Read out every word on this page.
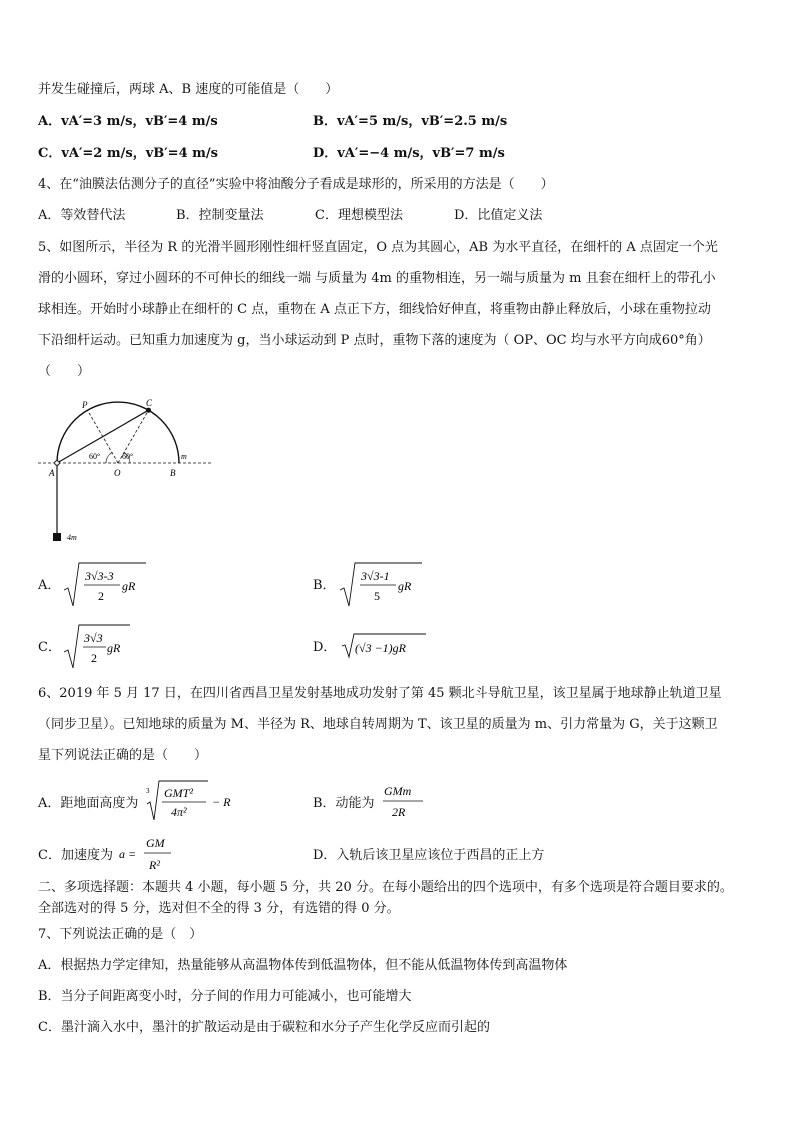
并发生碰撞后，两球 A、B 速度的可能值是（　　）
A．vA′=3 m/s，vB′=4 m/s	B．vA′=5 m/s，vB′=2.5 m/s
C．vA′=2 m/s，vB′=4 m/s	D．vA′=−4 m/s，vB′=7 m/s
4、在“油膜法估测分子的直径”实验中将油酸分子看成是球形的，所采用的方法是（　　）
A．等效替代法	B．控制变量法	C．理想模型法	D．比值定义法
5、如图所示，半径为 R 的光滑半圆形刚性细杆竖直固定，O 点为其圆心，AB 为水平直径，在细杆的 A 点固定一个光
滑的小圆环，穿过小圆环的不可伸长的细线一端 与质量为 4m 的重物相连，另一端与质量为 m 且套在细杆上的带孔小
球相连。开始时小球静止在细杆的 C 点，重物在 A 点正下方，细线恰好伸直，将重物由静止释放后，小球在重物拉动
下沿细杆运动。已知重力加速度为 g，当小球运动到 P 点时，重物下落的速度为（ OP、OC 均与水平方向成60°角）
（　　）
P	C
A	O	B
m
4m
60°	60°
A．
3√3-3
2
gR	B．
3√3-1
5
gR
C．
3√3
2
gR	D． (√3 −1)gR
6、2019 年 5 月 17 日，在四川省西昌卫星发射基地成功发射了第 45 颗北斗导航卫星，该卫星属于地球静止轨道卫星
（同步卫星）。已知地球的质量为 M、半径为 R、地球自转周期为 T、该卫星的质量为 m、引力常量为 G，关于这颗卫
星下列说法正确的是（　　）
A．距地面高度为
3 GMT²
4π²
− R	B．动能为
GMm
2R
C．加速度为 a =
GM
R²
D．入轨后该卫星应该位于西昌的正上方
二、多项选择题：本题共 4 小题，每小题 5 分，共 20 分。在每小题给出的四个选项中，有多个选项是符合题目要求的。
全部选对的得 5 分，选对但不全的得 3 分，有选错的得 0 分。
7、下列说法正确的是（　）
A．根据热力学定律知，热量能够从高温物体传到低温物体，但不能从低温物体传到高温物体
B．当分子间距离变小时，分子间的作用力可能减小，也可能增大
C．墨汁滴入水中，墨汁的扩散运动是由于碳粒和水分子产生化学反应而引起的
